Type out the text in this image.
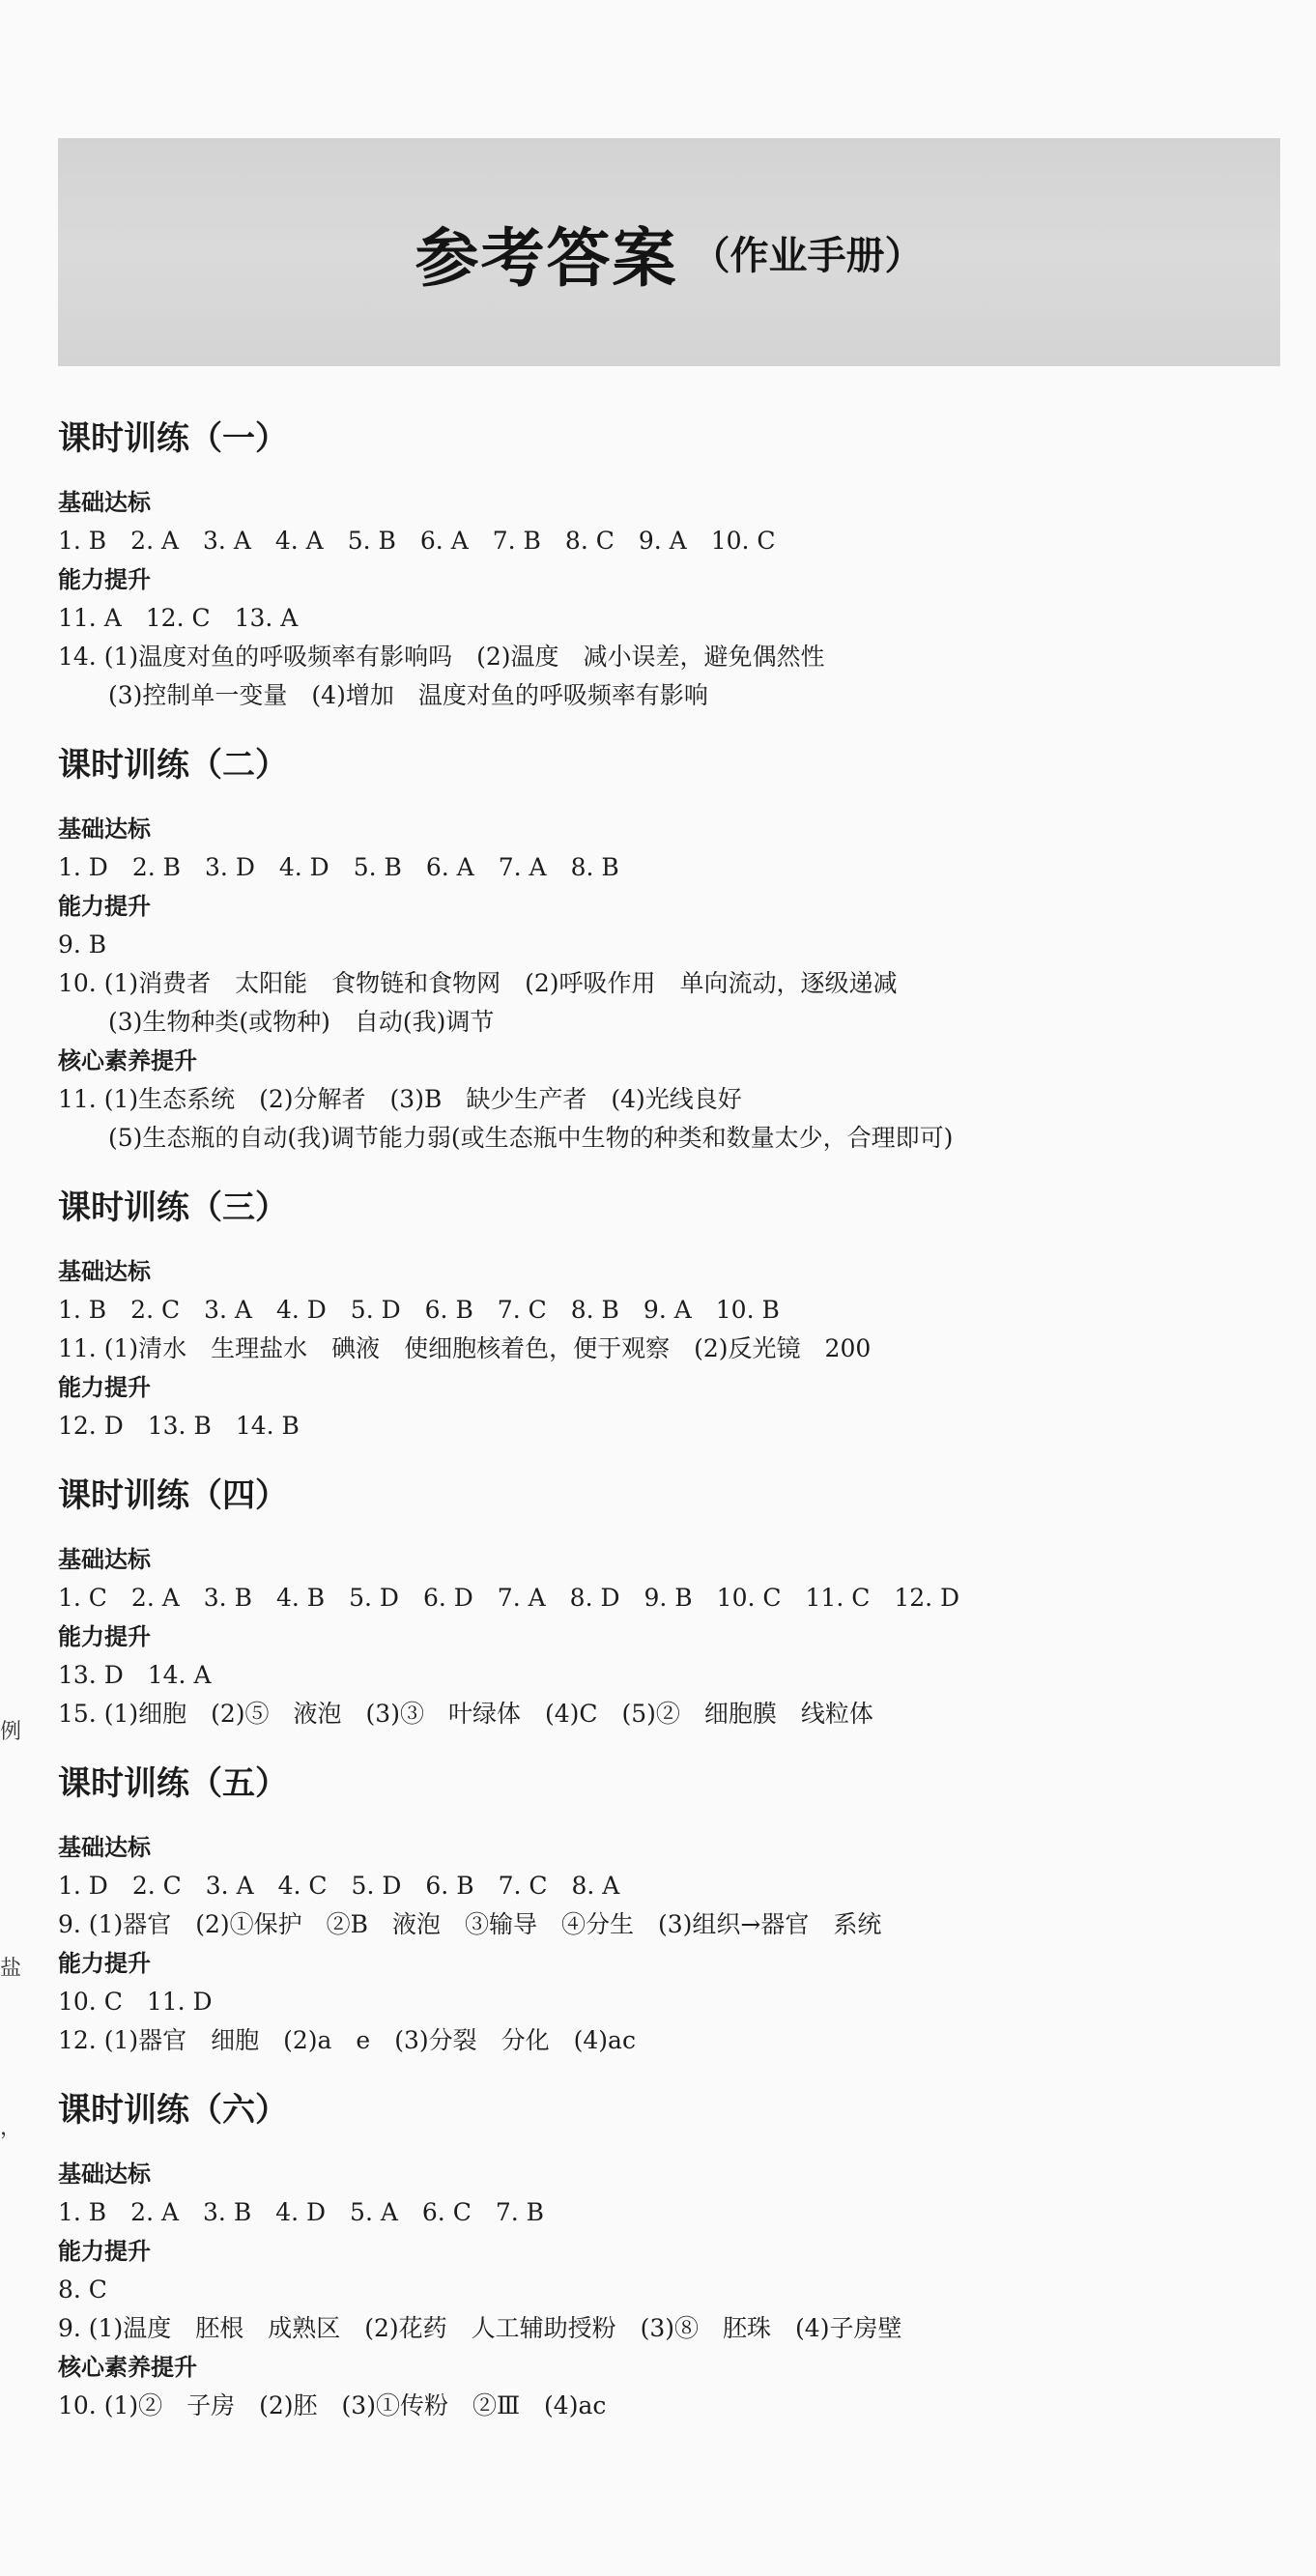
参考答案 （作业手册）
例
盐
，
课时训练（一）
基础达标
1. B　2. A　3. A　4. A　5. B　6. A　7. B　8. C　9. A　10. C
能力提升
11. A　12. C　13. A
14. (1)温度对鱼的呼吸频率有影响吗　(2)温度　减小误差，避免偶然性
(3)控制单一变量　(4)增加　温度对鱼的呼吸频率有影响
课时训练（二）
基础达标
1. D　2. B　3. D　4. D　5. B　6. A　7. A　8. B
能力提升
9. B
10. (1)消费者　太阳能　食物链和食物网　(2)呼吸作用　单向流动，逐级递减
(3)生物种类(或物种)　自动(我)调节
核心素养提升
11. (1)生态系统　(2)分解者　(3)B　缺少生产者　(4)光线良好
(5)生态瓶的自动(我)调节能力弱(或生态瓶中生物的种类和数量太少，合理即可)
课时训练（三）
基础达标
1. B　2. C　3. A　4. D　5. D　6. B　7. C　8. B　9. A　10. B
11. (1)清水　生理盐水　碘液　使细胞核着色，便于观察　(2)反光镜　200
能力提升
12. D　13. B　14. B
课时训练（四）
基础达标
1. C　2. A　3. B　4. B　5. D　6. D　7. A　8. D　9. B　10. C　11. C　12. D
能力提升
13. D　14. A
15. (1)细胞　(2)⑤　液泡　(3)③　叶绿体　(4)C　(5)②　细胞膜　线粒体
课时训练（五）
基础达标
1. D　2. C　3. A　4. C　5. D　6. B　7. C　8. A
9. (1)器官　(2)①保护　②B　液泡　③输导　④分生　(3)组织→器官　系统
能力提升
10. C　11. D
12. (1)器官　细胞　(2)a　e　(3)分裂　分化　(4)ac
课时训练（六）
基础达标
1. B　2. A　3. B　4. D　5. A　6. C　7. B
能力提升
8. C
9. (1)温度　胚根　成熟区　(2)花药　人工辅助授粉　(3)⑧　胚珠　(4)子房壁
核心素养提升
10. (1)②　子房　(2)胚　(3)①传粉　②Ⅲ　(4)ac
